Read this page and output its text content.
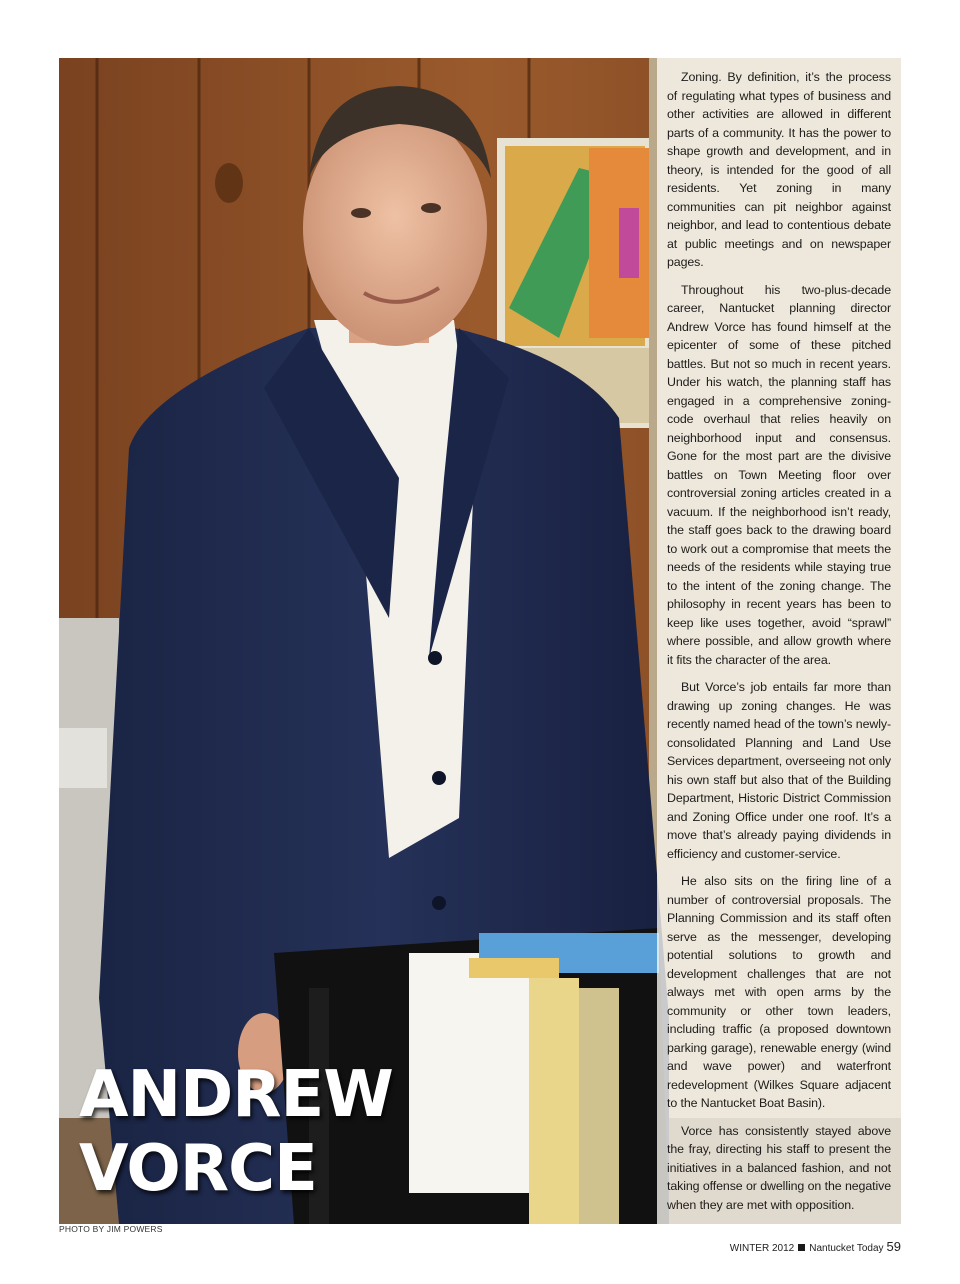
Zoning. By definition, it’s the process of regulating what types of business and other activities are allowed in different parts of a community. It has the power to shape growth and development, and in theory, is intended for the good of all residents. Yet zoning in many communities can pit neighbor against neighbor, and lead to contentious debate at public meetings and on newspaper pages.

Throughout his two-plus-decade career, Nantucket planning director Andrew Vorce has found himself at the epicenter of some of these pitched battles. But not so much in recent years. Under his watch, the planning staff has engaged in a comprehensive zoning-code overhaul that relies heavily on neighborhood input and consensus. Gone for the most part are the divisive battles on Town Meeting floor over controversial zoning articles created in a vacuum. If the neighborhood isn’t ready, the staff goes back to the drawing board to work out a compromise that meets the needs of the residents while staying true to the intent of the zoning change. The philosophy in recent years has been to keep like uses together, avoid “sprawl” where possible, and allow growth where it fits the character of the area.

But Vorce’s job entails far more than drawing up zoning changes. He was recently named head of the town’s newly-consolidated Planning and Land Use Services department, overseeing not only his own staff but also that of the Building Department, Historic District Commission and Zoning Office under one roof. It’s a move that’s already paying dividends in efficiency and customer-service.

He also sits on the firing line of a number of controversial proposals. The Planning Commission and its staff often serve as the messenger, developing potential solutions to growth and development challenges that are not always met with open arms by the community or other town leaders, including traffic (a proposed downtown parking garage), renewable energy (wind and wave power) and waterfront redevelopment (Wilkes Square adjacent to the Nantucket Boat Basin).

Vorce has consistently stayed above the fray, directing his staff to present the initiatives in a balanced fashion, and not taking offense or dwelling on the negative when they are met with opposition.

ANDREW
VORCE
PHOTO BY JIM POWERS
WINTER 2012 Nantucket Today 59
